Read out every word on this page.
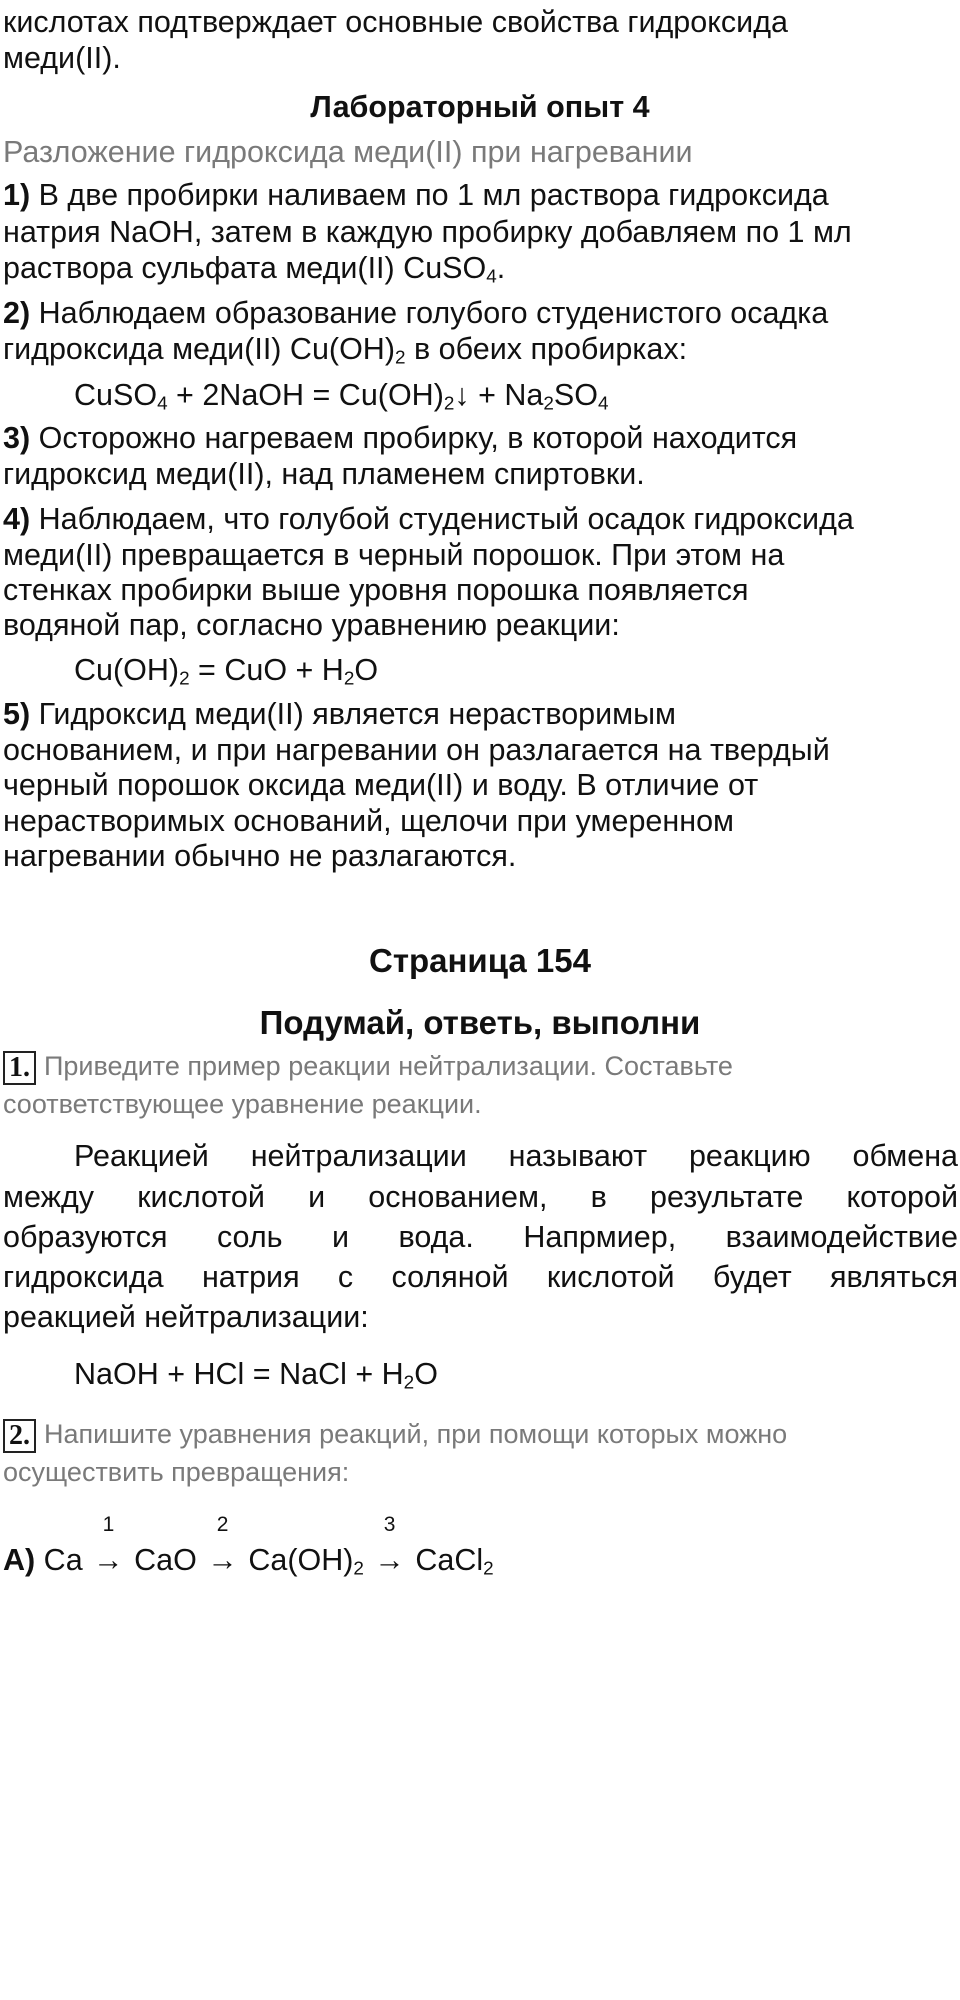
кислотах подтверждает основные свойства гидроксида
меди(II).
Лабораторный опыт 4
Разложение гидроксида меди(II) при нагревании
1) В две пробирки наливаем по 1 мл раствора гидроксида
натрия NaOH, затем в каждую пробирку добавляем по 1 мл
раствора сульфата меди(II) CuSO$_4$.
2) Наблюдаем образование голубого студенистого осадка
гидроксида меди(II) $Cu(OH)_2$ в обеих пробирках:
CuSO$_4$ + 2NaOH = $Cu(OH)_2↓ + Na_2SO_4$
3) Осторожно нагреваем пробирку, в которой находится
гидроксид меди(II), над пламенем спиртовки.
4) Наблюдаем, что голубой студенистый осадок гидроксида
меди(II) превращается в черный порошок. При этом на
стенках пробирки выше уровня порошка появляется
водяной пар, согласно уравнению реакции:
$Cu(OH)_2$ = CuO + $H_2O$
5) Гидроксид меди(II) является нерастворимым
основанием, и при нагревании он разлагается на твердый
черный порошок оксида меди(II) и воду. В отличие от
нерастворимых оснований, щелочи при умеренном
нагревании обычно не разлагаются.
Страница 154
Подумай, ответь, выполни
1. Приведите пример реакции нейтрализации. Составьте
соответствующее уравнение реакции.
Реакцией нейтрализации называют реакцию обмена
между кислотой и основанием, в результате которой
образуются соль и вода. Напрмиер, взаимодействие
гидроксида натрия с соляной кислотой будет являться
реакцией нейтрализации:
NaOH + HCl = NaCl + $H_2O$
2. Напишите уравнения реакций, при помощи которых можно
осуществить превращения:
А) Ca
1
→ CaO
2
→ $Ca(OH)_2$
3
→ CaCl$_2$
